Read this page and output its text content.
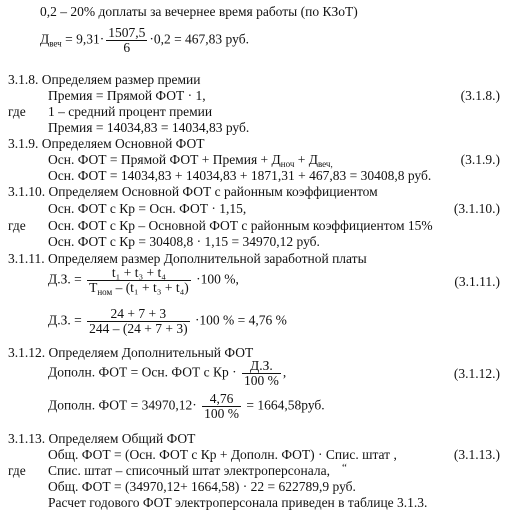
0,2 – 20% доплаты за вечернее время работы (по КЗоТ)
$Д_{веч} = 9,31\cdot \frac{1507,5}{6} \cdot 0,2 = 467,83$ руб.
3.1.8. Определяем размер премии
Премия = Прямой ФОТ · 1,	(3.1.8.)
где 1 – средний процент премии
Премия = 14034,83 = 14034,83 руб.
3.1.9. Определяем Основной ФОТ
Осн. ФОТ = Прямой ФОТ + Премия + $Д_{ноч} + Д_{веч,}$	(3.1.9.)
Осн. ФОТ = 14034,83 + 14034,83 + 1871,31 + 467,83 = 30408,8 руб.
3.1.10. Определяем Основной ФОТ с районным коэффициентом
Осн. ФОТ с Кр = Осн. ФОТ · 1,15,	(3.1.10.)
где Осн. ФОТ с Кр – Основной ФОТ с районным коэффициентом 15%
Осн. ФОТ с Кр = 30408,8 · 1,15 = 34970,12 руб.
3.1.11. Определяем размер Дополнительной заработной платы
Д.З. = $\frac{\text{t₁ + t₃ + t₄}}{T_{ном} - (t_1 + t_3 + t_4)} \cdot 100$ %,	(3.1.11.)
Д.З. = $\frac{24 + 7 + 3}{244 - (24 + 7 + 3)} \cdot 100$ % = 4,76 %
3.1.12. Определяем Дополнительный ФОТ
Дополн. ФОТ = Осн. ФОТ с Кр · $\frac{Д.З.}{100 \%}$ ,	(3.1.12.)
Дополн. ФОТ = $34970,12\cdot \frac{4,76}{100 \%} = 1664,58руб$.
3.1.13. Определяем Общий ФОТ
Общ. ФОТ = (Осн. ФОТ с Кр + Дополн. ФОТ) · Спис. штат ,	(3.1.13.)
где Спис. штат – списочный штат электроперсонала, “
Общ. ФОТ = (34970,12+ 1664,58) · 22 = 622789,9 руб.
Расчет годового ФОТ электроперсонала приведен в таблице 3.1.3.
